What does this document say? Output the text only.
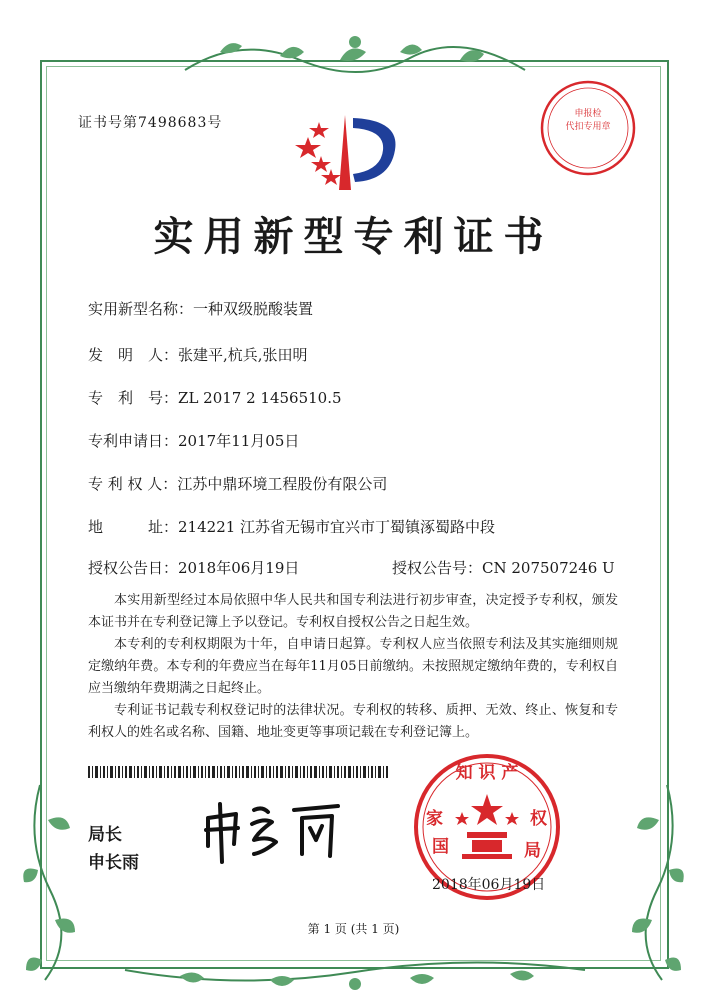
证书号第7498683号
申报检
代扣专用章
实用新型专利证书
实用新型名称：一种双级脱酸装置
发　明　人：张建平,杭兵,张田明
专　利　号：ZL 2017 2 1456510.5
专利申请日：2017年11月05日
专 利 权 人：江苏中鼎环境工程股份有限公司
地　　　址：214221 江苏省无锡市宜兴市丁蜀镇涿蜀路中段
授权公告日：2018年06月19日	授权公告号：CN 207507246 U
本实用新型经过本局依照中华人民共和国专利法进行初步审查，决定授予专利权，颁发本证书并在专利登记簿上予以登记。专利权自授权公告之日起生效。
本专利的专利权期限为十年，自申请日起算。专利权人应当依照专利法及其实施细则规定缴纳年费。本专利的年费应当在每年11月05日前缴纳。未按照规定缴纳年费的，专利权自应当缴纳年费期满之日起终止。
专利证书记载专利权登记时的法律状况。专利权的转移、质押、无效、终止、恢复和专利权人的姓名或名称、国籍、地址变更等事项记载在专利登记簿上。
局长
申长雨
知 识 产
国
家	权
局
2018年06月19日
第 1 页 (共 1 页)
